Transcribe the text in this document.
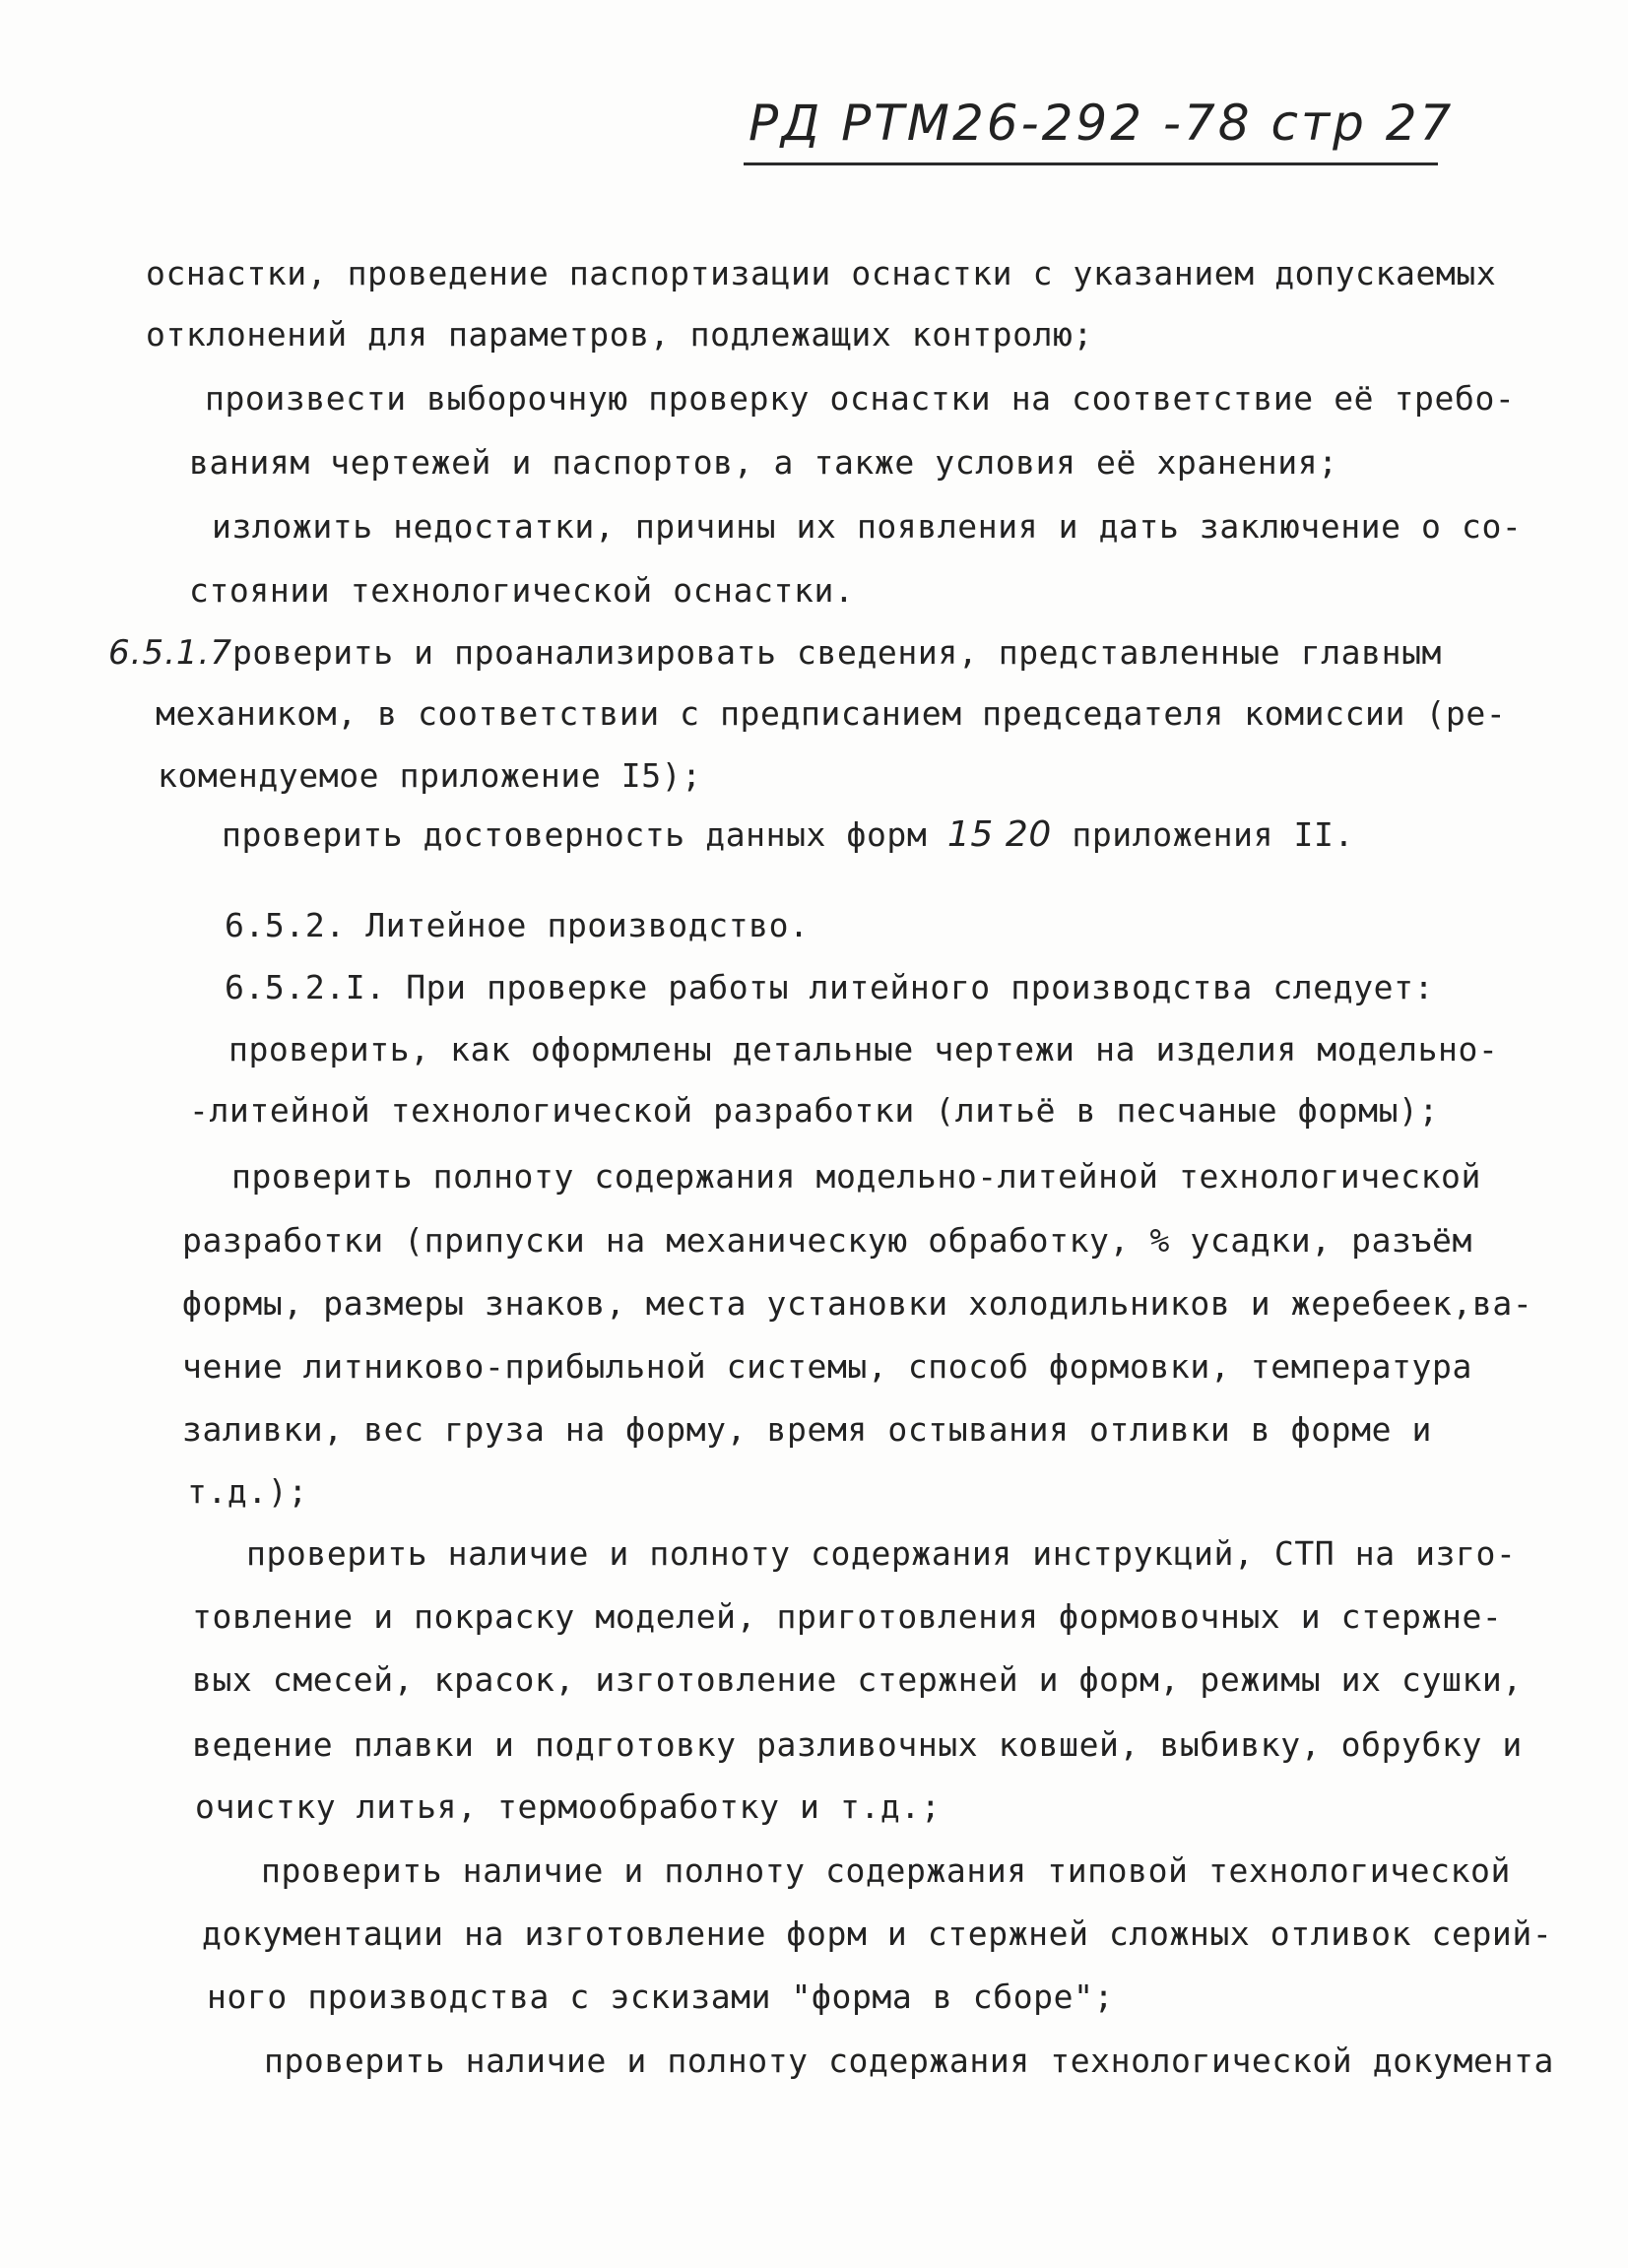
РД РТМ26-292 -78 стр 27
оснастки, проведение паспортизации оснастки с указанием допускаемых
отклонений для параметров, подлежащих контролю;
произвести выборочную проверку оснастки на соответствие её требо-
ваниям чертежей и паспортов, а также условия её хранения;
изложить недостатки, причины их появления и дать заключение о со-
стоянии технологической оснастки.
6.5.1.7роверить и проанализировать сведения, представленные главным
механиком, в соответствии с предписанием председателя комиссии (ре-
комендуемое приложение I5);
проверить достоверность данных форм 15 20 приложения II.
6.5.2. Литейное производство.
6.5.2.I. При проверке работы литейного производства следует:
проверить, как оформлены детальные чертежи на изделия модельно-
-литейной технологической разработки (литьё в песчаные формы);
проверить полноту содержания модельно-литейной технологической
разработки (припуски на механическую обработку, % усадки, разъём
формы, размеры знаков, места установки холодильников и жеребеек,ва-
чение литниково-прибыльной системы, способ формовки, температура
заливки, вес груза на форму, время остывания отливки в форме и
т.д.);
проверить наличие и полноту содержания инструкций, СТП на изго-
товление и покраску моделей, приготовления формовочных и стержне-
вых смесей, красок, изготовление стержней и форм, режимы их сушки,
ведение плавки и подготовку разливочных ковшей, выбивку, обрубку и
очистку литья, термообработку и т.д.;
проверить наличие и полноту содержания типовой технологической
документации на изготовление форм и стержней сложных отливок серий-
ного производства с эскизами "форма в сборе";
проверить наличие и полноту содержания технологической документа
